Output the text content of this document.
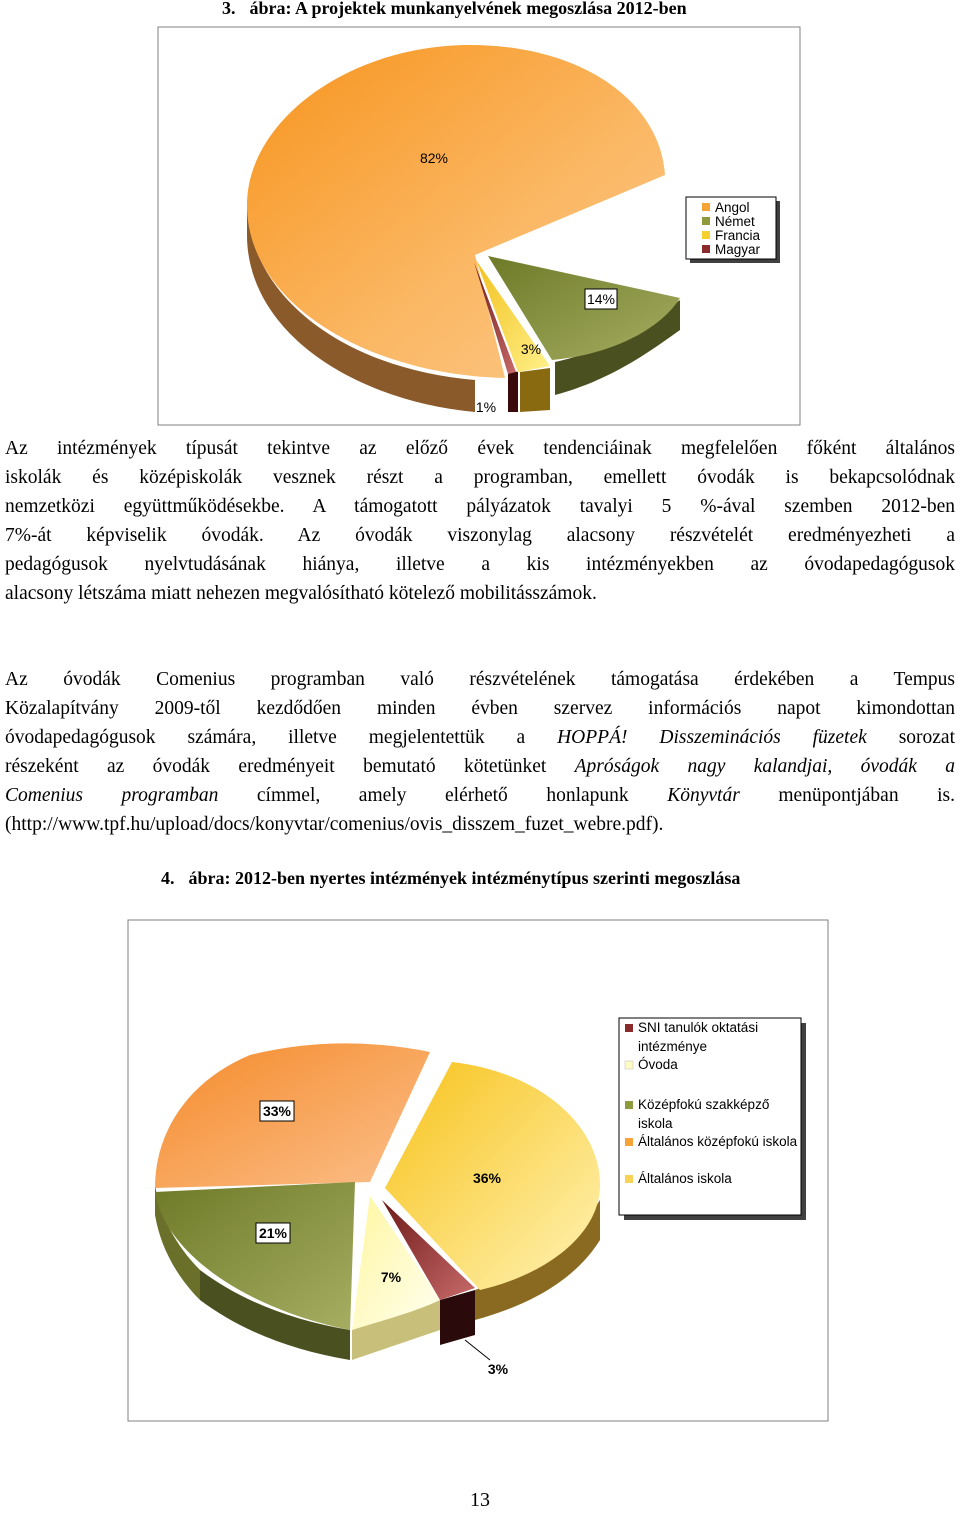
3. ábra: A projektek munkanyelvének megoszlása 2012-ben
82%
14%
3%
1%
Angol
Német
Francia
Magyar
33%
36%
21%
7%
3%
SNI tanulók oktatási intézménye
Óvoda
Középfokú szakképző iskola
Általános középfokú iskola
Általános iskola
Az intézmények típusát tekintve az előző évek tendenciáinak megfelelően főként általános
iskolák és középiskolák vesznek részt a programban, emellett óvodák is bekapcsolódnak
nemzetközi együttműködésekbe. A támogatott pályázatok tavalyi 5 %-ával szemben 2012-ben
7%-át képviselik óvodák. Az óvodák viszonylag alacsony részvételét eredményezheti a
pedagógusok nyelvtudásának hiánya, illetve a kis intézményekben az óvodapedagógusok
alacsony létszáma miatt nehezen megvalósítható kötelező mobilitásszámok.
Az óvodák Comenius programban való részvételének támogatása érdekében a Tempus
Közalapítvány 2009-től kezdődően minden évben szervez információs napot kimondottan
óvodapedagógusok számára, illetve megjelentettük a HOPPÁ! Disszeminációs füzetek sorozat
részeként az óvodák eredményeit bemutató kötetünket Apróságok nagy kalandjai, óvodák a
Comenius programban címmel, amely elérhető honlapunk Könyvtár menüpontjában is.
(http://www.tpf.hu/upload/docs/konyvtar/comenius/ovis_disszem_fuzet_webre.pdf).
4. ábra: 2012-ben nyertes intézmények intézménytípus szerinti megoszlása
13
